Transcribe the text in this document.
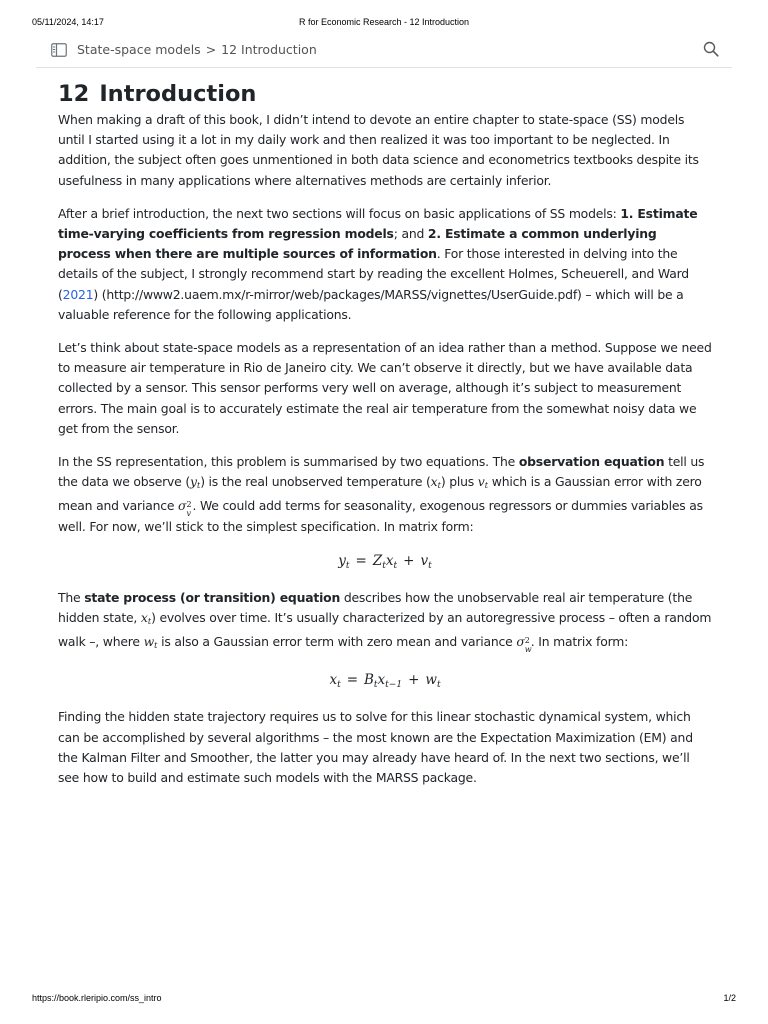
05/11/2024, 14:17	R for Economic Research - 12 Introduction
State-space models > 12 Introduction
12 Introduction

When making a draft of this book, I didn’t intend to devote an entire chapter to state-space (SS) models until I started using it a lot in my daily work and then realized it was too important to be neglected. In addition, the subject often goes unmentioned in both data science and econometrics textbooks despite its usefulness in many applications where alternatives methods are certainly inferior.

After a brief introduction, the next two sections will focus on basic applications of SS models: 1. Estimate time-varying coefficients from regression models; and 2. Estimate a common underlying process when there are multiple sources of information. For those interested in delving into the details of the subject, I strongly recommend start by reading the excellent Holmes, Scheuerell, and Ward (2021) (http://www2.uaem.mx/r-mirror/web/packages/MARSS/vignettes/UserGuide.pdf) – which will be a valuable reference for the following applications.

Let’s think about state-space models as a representation of an idea rather than a method. Suppose we need to measure air temperature in Rio de Janeiro city. We can’t observe it directly, but we have available data collected by a sensor. This sensor performs very well on average, although it’s subject to measurement errors. The main goal is to accurately estimate the real air temperature from the somewhat noisy data we get from the sensor.

In the SS representation, this problem is summarised by two equations. The observation equation tell us the data we observe $(y_t)$ is the real unobserved temperature $(x_t)$ plus $v_t$ which is a Gaussian error with zero mean and variance σ 2
v
. We could add terms for seasonality, exogenous regressors or dummies variables as well. For now, we’ll stick to the simplest specification. In matrix form:

$y_t = Z_tx_t + v_t$

The state process (or transition) equation describes how the unobservable real air temperature (the hidden state, $x_t$) evolves over time. It’s usually characterized by an autoregressive process – often a random walk –, where $w_t$ is also a Gaussian error term with zero mean and variance σ 2
w
. In matrix form:

$x_t = B_tx_{t-1} + w_t$

Finding the hidden state trajectory requires us to solve for this linear stochastic dynamical system, which can be accomplished by several algorithms – the most known are the Expectation Maximization (EM) and the Kalman Filter and Smoother, the latter you may already have heard of. In the next two sections, we’ll see how to build and estimate such models with the MARSS package.

https://book.rleripio.com/ss_intro	1/2
